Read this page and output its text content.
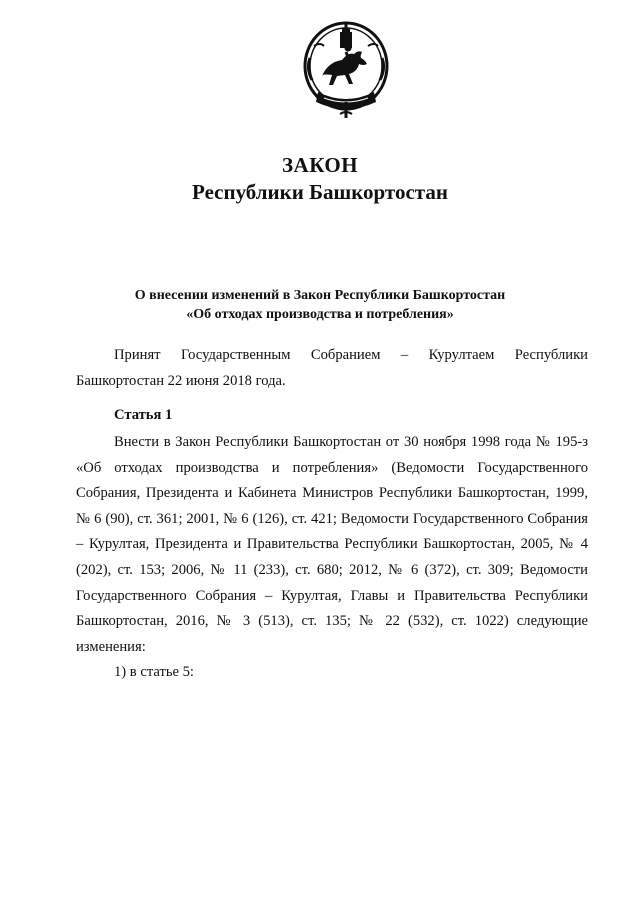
ЗАКОН
Республики Башкортостан
О внесении изменений в Закон Республики Башкортостан
«Об отходах производства и потребления»
Принят Государственным Собранием – Курултаем Республики Башкортостан 22 июня 2018 года.
Статья 1
Внести в Закон Республики Башкортостан от 30 ноября 1998 года № 195-з «Об отходах производства и потребления» (Ведомости Государственного Собрания, Президента и Кабинета Министров Республики Башкортостан, 1999, № 6 (90), ст. 361; 2001, № 6 (126), ст. 421; Ведомости Государственного Собрания – Курултая, Президента и Правительства Республики Башкортостан, 2005, № 4 (202), ст. 153; 2006, № 11 (233), ст. 680; 2012, № 6 (372), ст. 309; Ведомости Государственного Собрания – Курултая, Главы и Правительства Республики Башкортостан, 2016, № 3 (513), ст. 135; № 22 (532), ст. 1022) следующие изменения:
1) в статье 5:
